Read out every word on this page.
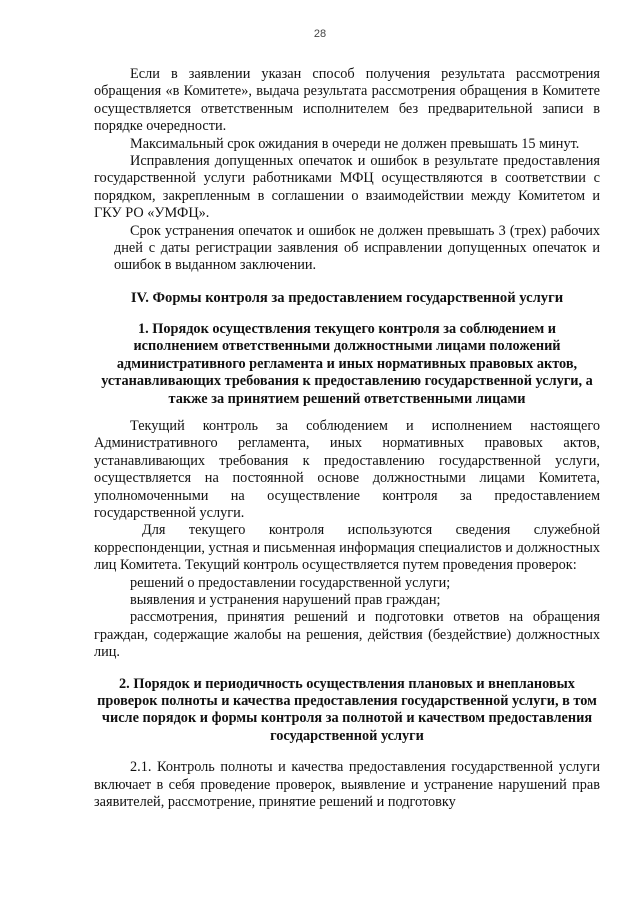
28

Если в заявлении указан способ получения результата рассмотрения обращения «в Комитете», выдача результата рассмотрения обращения в Комитете осуществляется ответственным исполнителем без предварительной записи в порядке очередности.

Максимальный срок ожидания в очереди не должен превышать 15 минут.

Исправления допущенных опечаток и ошибок в результате предоставления государственной услуги работниками МФЦ осуществляются в соответствии с порядком, закрепленным в соглашении о взаимодействии между Комитетом и ГКУ РО «УМФЦ».

Срок устранения опечаток и ошибок не должен превышать 3 (трех) рабочих дней с даты регистрации заявления об исправлении допущенных опечаток и ошибок в выданном заключении.

IV. Формы контроля за предоставлением государственной услуги
1. Порядок осуществления текущего контроля за соблюдением и исполнением ответственными должностными лицами положений административного регламента и иных нормативных правовых актов, устанавливающих требования к предоставлению государственной услуги, а также за принятием решений ответственными лицами

Текущий контроль за соблюдением и исполнением настоящего Административного регламента, иных нормативных правовых актов, устанавливающих требования к предоставлению государственной услуги, осуществляется на постоянной основе должностными лицами Комитета, уполномоченными на осуществление контроля за предоставлением государственной услуги.

Для текущего контроля используются сведения служебной корреспонденции, устная и письменная информация специалистов и должностных лиц Комитета. Текущий контроль осуществляется путем проведения проверок:

решений о предоставлении государственной услуги;

выявления и устранения нарушений прав граждан;

рассмотрения, принятия решений и подготовки ответов на обращения граждан, содержащие жалобы на решения, действия (бездействие) должностных лиц.

2. Порядок и периодичность осуществления плановых и внеплановых проверок полноты и качества предоставления государственной услуги, в том числе порядок и формы контроля за полнотой и качеством предоставления государственной услуги

2.1. Контроль полноты и качества предоставления государственной услуги включает в себя проведение проверок, выявление и устранение нарушений прав заявителей, рассмотрение, принятие решений и подготовку
